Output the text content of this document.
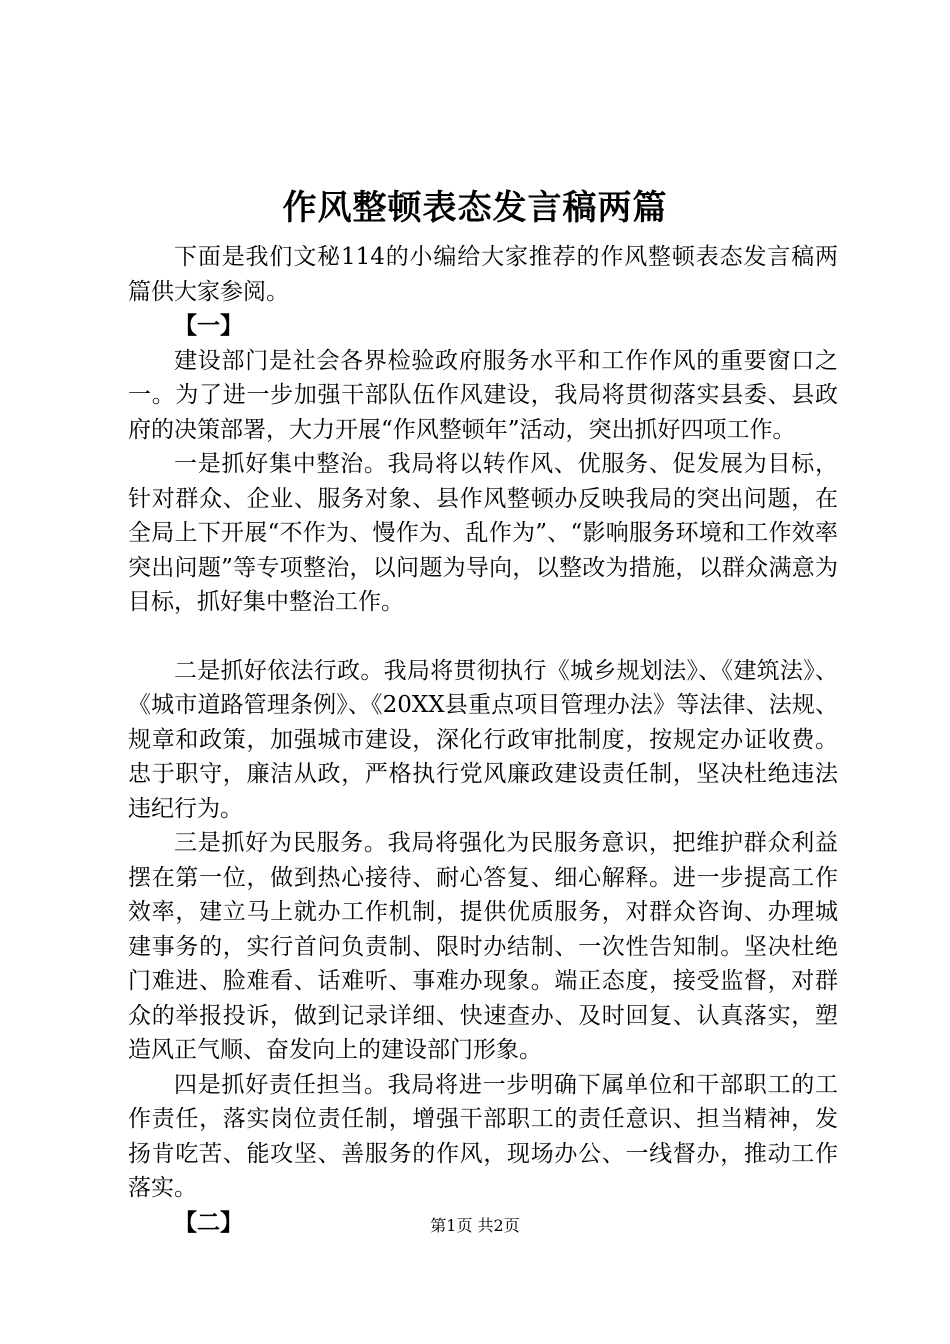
作风整顿表态发言稿两篇

下面是我们文秘114的小编给大家推荐的作风整顿表态发言稿两篇供大家参阅。

【一】

建设部门是社会各界检验政府服务水平和工作作风的重要窗口之一。为了进一步加强干部队伍作风建设，我局将贯彻落实县委、县政府的决策部署，大力开展“作风整顿年”活动，突出抓好四项工作。

一是抓好集中整治。我局将以转作风、优服务、促发展为目标，针对群众、企业、服务对象、县作风整顿办反映我局的突出问题，在全局上下开展“不作为、慢作为、乱作为”、“影响服务环境和工作效率突出问题”等专项整治，以问题为导向，以整改为措施，以群众满意为目标，抓好集中整治工作。

二是抓好依法行政。我局将贯彻执行《城乡规划法》、《建筑法》、《城市道路管理条例》、《20XX县重点项目管理办法》等法律、法规、规章和政策，加强城市建设，深化行政审批制度，按规定办证收费。忠于职守，廉洁从政，严格执行党风廉政建设责任制，坚决杜绝违法违纪行为。

三是抓好为民服务。我局将强化为民服务意识，把维护群众利益摆在第一位，做到热心接待、耐心答复、细心解释。进一步提高工作效率，建立马上就办工作机制，提供优质服务，对群众咨询、办理城建事务的，实行首问负责制、限时办结制、一次性告知制。坚决杜绝门难进、脸难看、话难听、事难办现象。端正态度，接受监督，对群众的举报投诉，做到记录详细、快速查办、及时回复、认真落实，塑造风正气顺、奋发向上的建设部门形象。

四是抓好责任担当。我局将进一步明确下属单位和干部职工的工作责任，落实岗位责任制，增强干部职工的责任意识、担当精神，发扬肯吃苦、能攻坚、善服务的作风，现场办公、一线督办，推动工作落实。

【二】	第1页 共2页
